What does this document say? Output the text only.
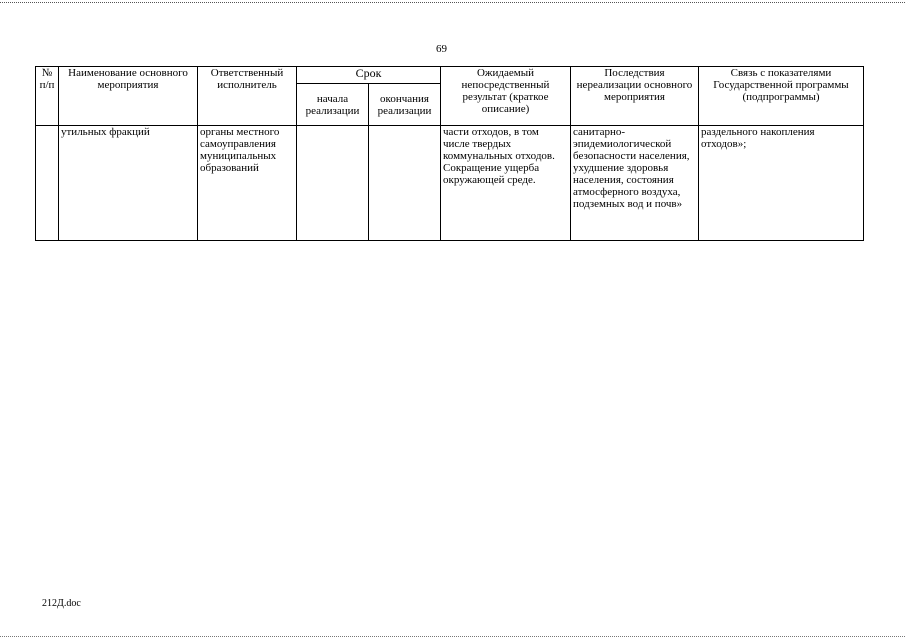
69
№ п/п	Наименование основного мероприятия	Ответственный исполнитель	Срок		Ожидаемый непосредственный результат (краткое описание)	Последствия нереализации основного мероприятия	Связь с показателями Государственной программы (подпрограммы)
			начала реализации	окончания реализации			
	утильных фракций	органы местного самоуправления муниципальных образований			части отходов, в том числе твердых коммунальных отходов. Сокращение ущерба окружающей среде.	санитарно-эпидемиологической безопасности населения, ухудшение здоровья населения, состояния атмосферного воздуха, подземных вод и почв»	раздельного накопления отходов»;
212Д.doc
